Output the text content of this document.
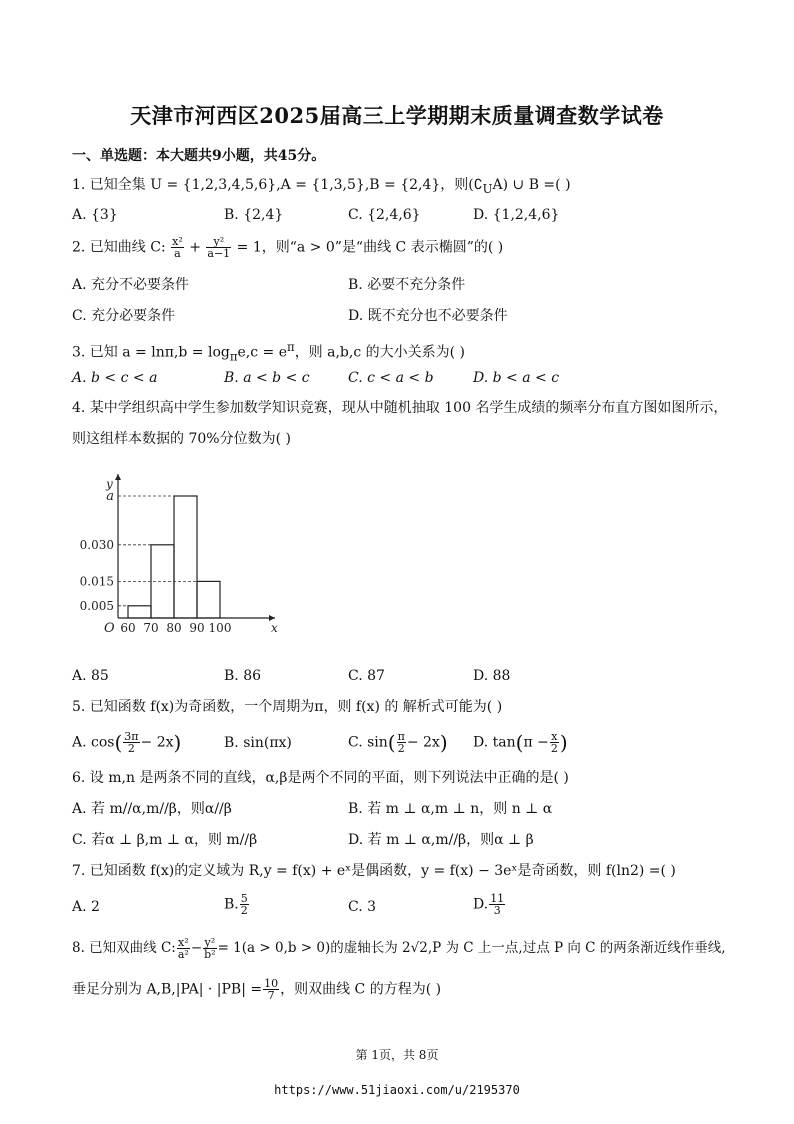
天津市河西区2025届高三上学期期末质量调查数学试卷
一、单选题：本大题共9小题，共45分。
1. 已知全集 U = {1,2,3,4,5,6},A = {1,3,5},B = {2,4}，则$(∁_UA)$ ∪ B =( )
A. {3}	B. {2,4}	C. {2,4,6}	D. {1,2,4,6}
2. 已知曲线 C: $\frac{\text{x²}}{a} + \frac{\text{y²}}{a-1} = 1$，则“a > 0”是“曲线 C 表示椭圆”的( )
A. 充分不必要条件	B. 必要不充分条件
C. 充分必要条件	D. 既不充分也不必要条件
3. 已知 $a = \ln\pi,b = \log_\pi e,c = e^\pi$，则 a,b,c 的大小关系为( )
A. b < c < a	B. a < b < c	C. c < a < b	D. b < a < c
4. 某中学组织高中学生参加数学知识竞赛，现从中随机抽取 100 名学生成绩的频率分布直方图如图所示，
则这组样本数据的 70%分位数为( )
x
y
O
0.005
0.015
0.030
a
60 70 80 90 100
A. 85	B. 86	C. 87	D. 88
5. 已知函数 f(x)为奇函数，一个周期为π，则 f(x) 的 解析式可能为( )
A. $\cos( \frac{3\pi}{2} - 2x)$	B. sin(πx)	C. $\sin( \frac{\pi}{2} - 2x)$ D. $\tan(\pi - \frac{x}{2}$ )
6. 设 m,n 是两条不同的直线，α,β是两个不同的平面，则下列说法中正确的是( )
A. 若 m//α,m//β，则α//β	B. 若 m ⊥ α,m ⊥ n，则 n ⊥ α
C. 若α ⊥ β,m ⊥ α，则 m//β	D. 若 m ⊥ α,m//β，则α ⊥ β
7. 已知函数 f(x)的定义域为 R,y = f(x) + eˣ是偶函数，y = f(x) − 3eˣ是奇函数，则 f(ln2) =( )
A. 2	B. $\frac{5}{2}$	C. 3	D. $\frac{11}{3}$
8. 已知双曲线 C: $\frac{\text{x²}}{\text{a²}} - \frac{\text{y²}}{\text{b²}} = 1(a > 0,b > 0)$的虚轴长为 2√2,P 为 C 上一点,过点 P 向 C 的两条渐近线作垂线,
垂足分别为 $A,B,|PA| \cdot |PB| = \frac{10}{7}$ ，则双曲线 C 的方程为( )
第 1页，共 8页
https://www.51jiaoxi.com/u/2195370
